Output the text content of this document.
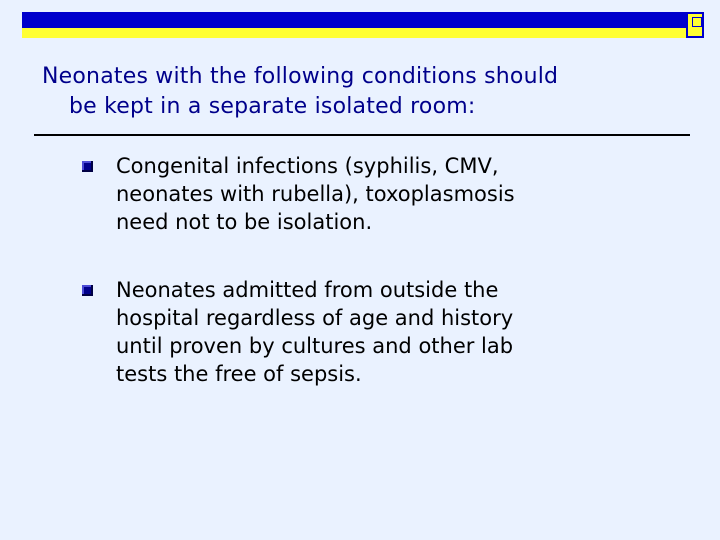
Neonates with the following conditions should
be kept in a separate isolated room:
Congenital infections (syphilis, CMV,
neonates with rubella), toxoplasmosis
need not to be isolation.
Neonates admitted from outside the
hospital regardless of age and history
until proven by cultures and other lab
tests the free of sepsis.
